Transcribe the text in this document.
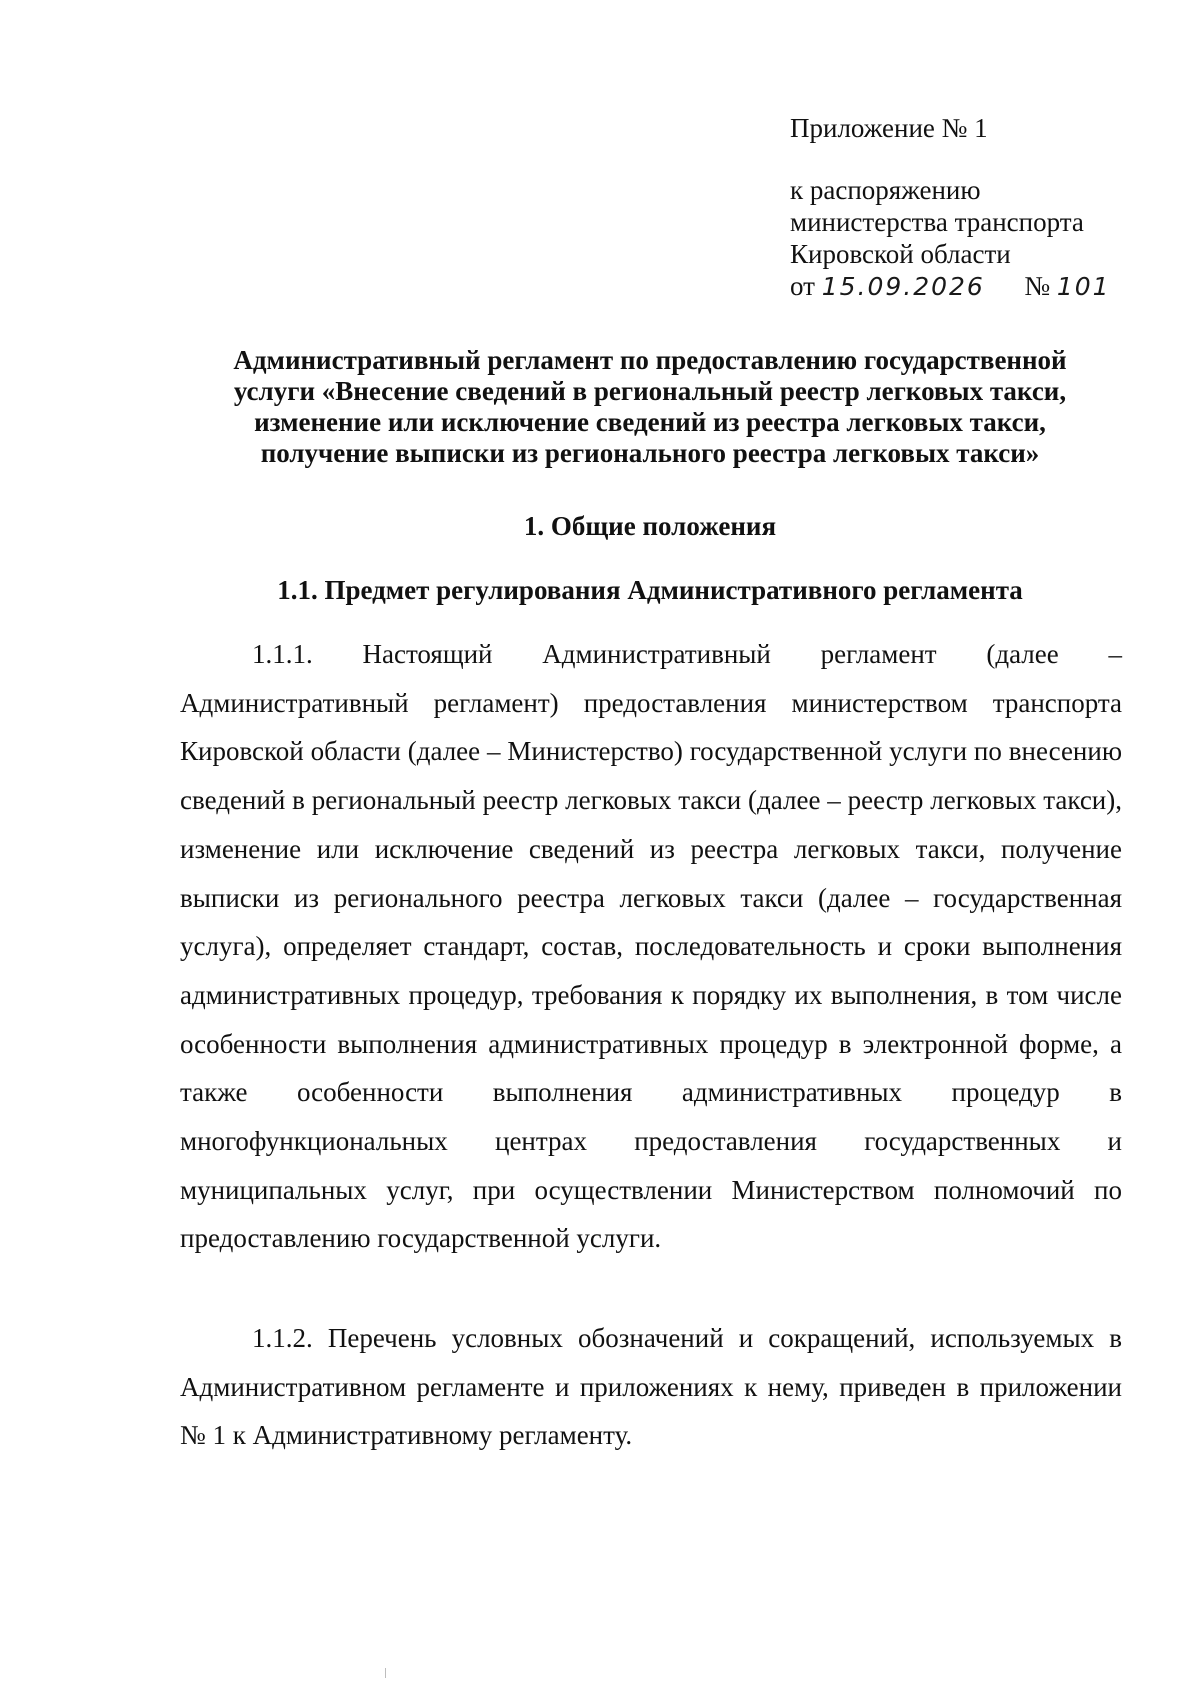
Приложение № 1
к распоряжению
министерства транспорта
Кировской области
от 15.09.2026 № 101
Административный регламент по предоставлению государственной
услуги «Внесение сведений в региональный реестр легковых такси,
изменение или исключение сведений из реестра легковых такси,
получение выписки из регионального реестра легковых такси»
1. Общие положения
1.1. Предмет регулирования Административного регламента

1.1.1. Настоящий Административный регламент (далее – Административный регламент) предоставления министерством транспорта Кировской области (далее – Министерство) государственной услуги по внесению сведений в региональный реестр легковых такси (далее – реестр легковых такси), изменение или исключение сведений из реестра легковых такси, получение выписки из регионального реестра легковых такси (далее – государственная услуга), определяет стандарт, состав, последовательность и сроки выполнения административных процедур, требования к порядку их выполнения, в том числе особенности выполнения административных процедур в электронной форме, а также особенности выполнения административных процедур в многофункциональных центрах предоставления государственных и муниципальных услуг, при осуществлении Министерством полномочий по предоставлению государственной услуги.

1.1.2. Перечень условных обозначений и сокращений, используемых в Административном регламенте и приложениях к нему, приведен в приложении № 1 к Административному регламенту.
